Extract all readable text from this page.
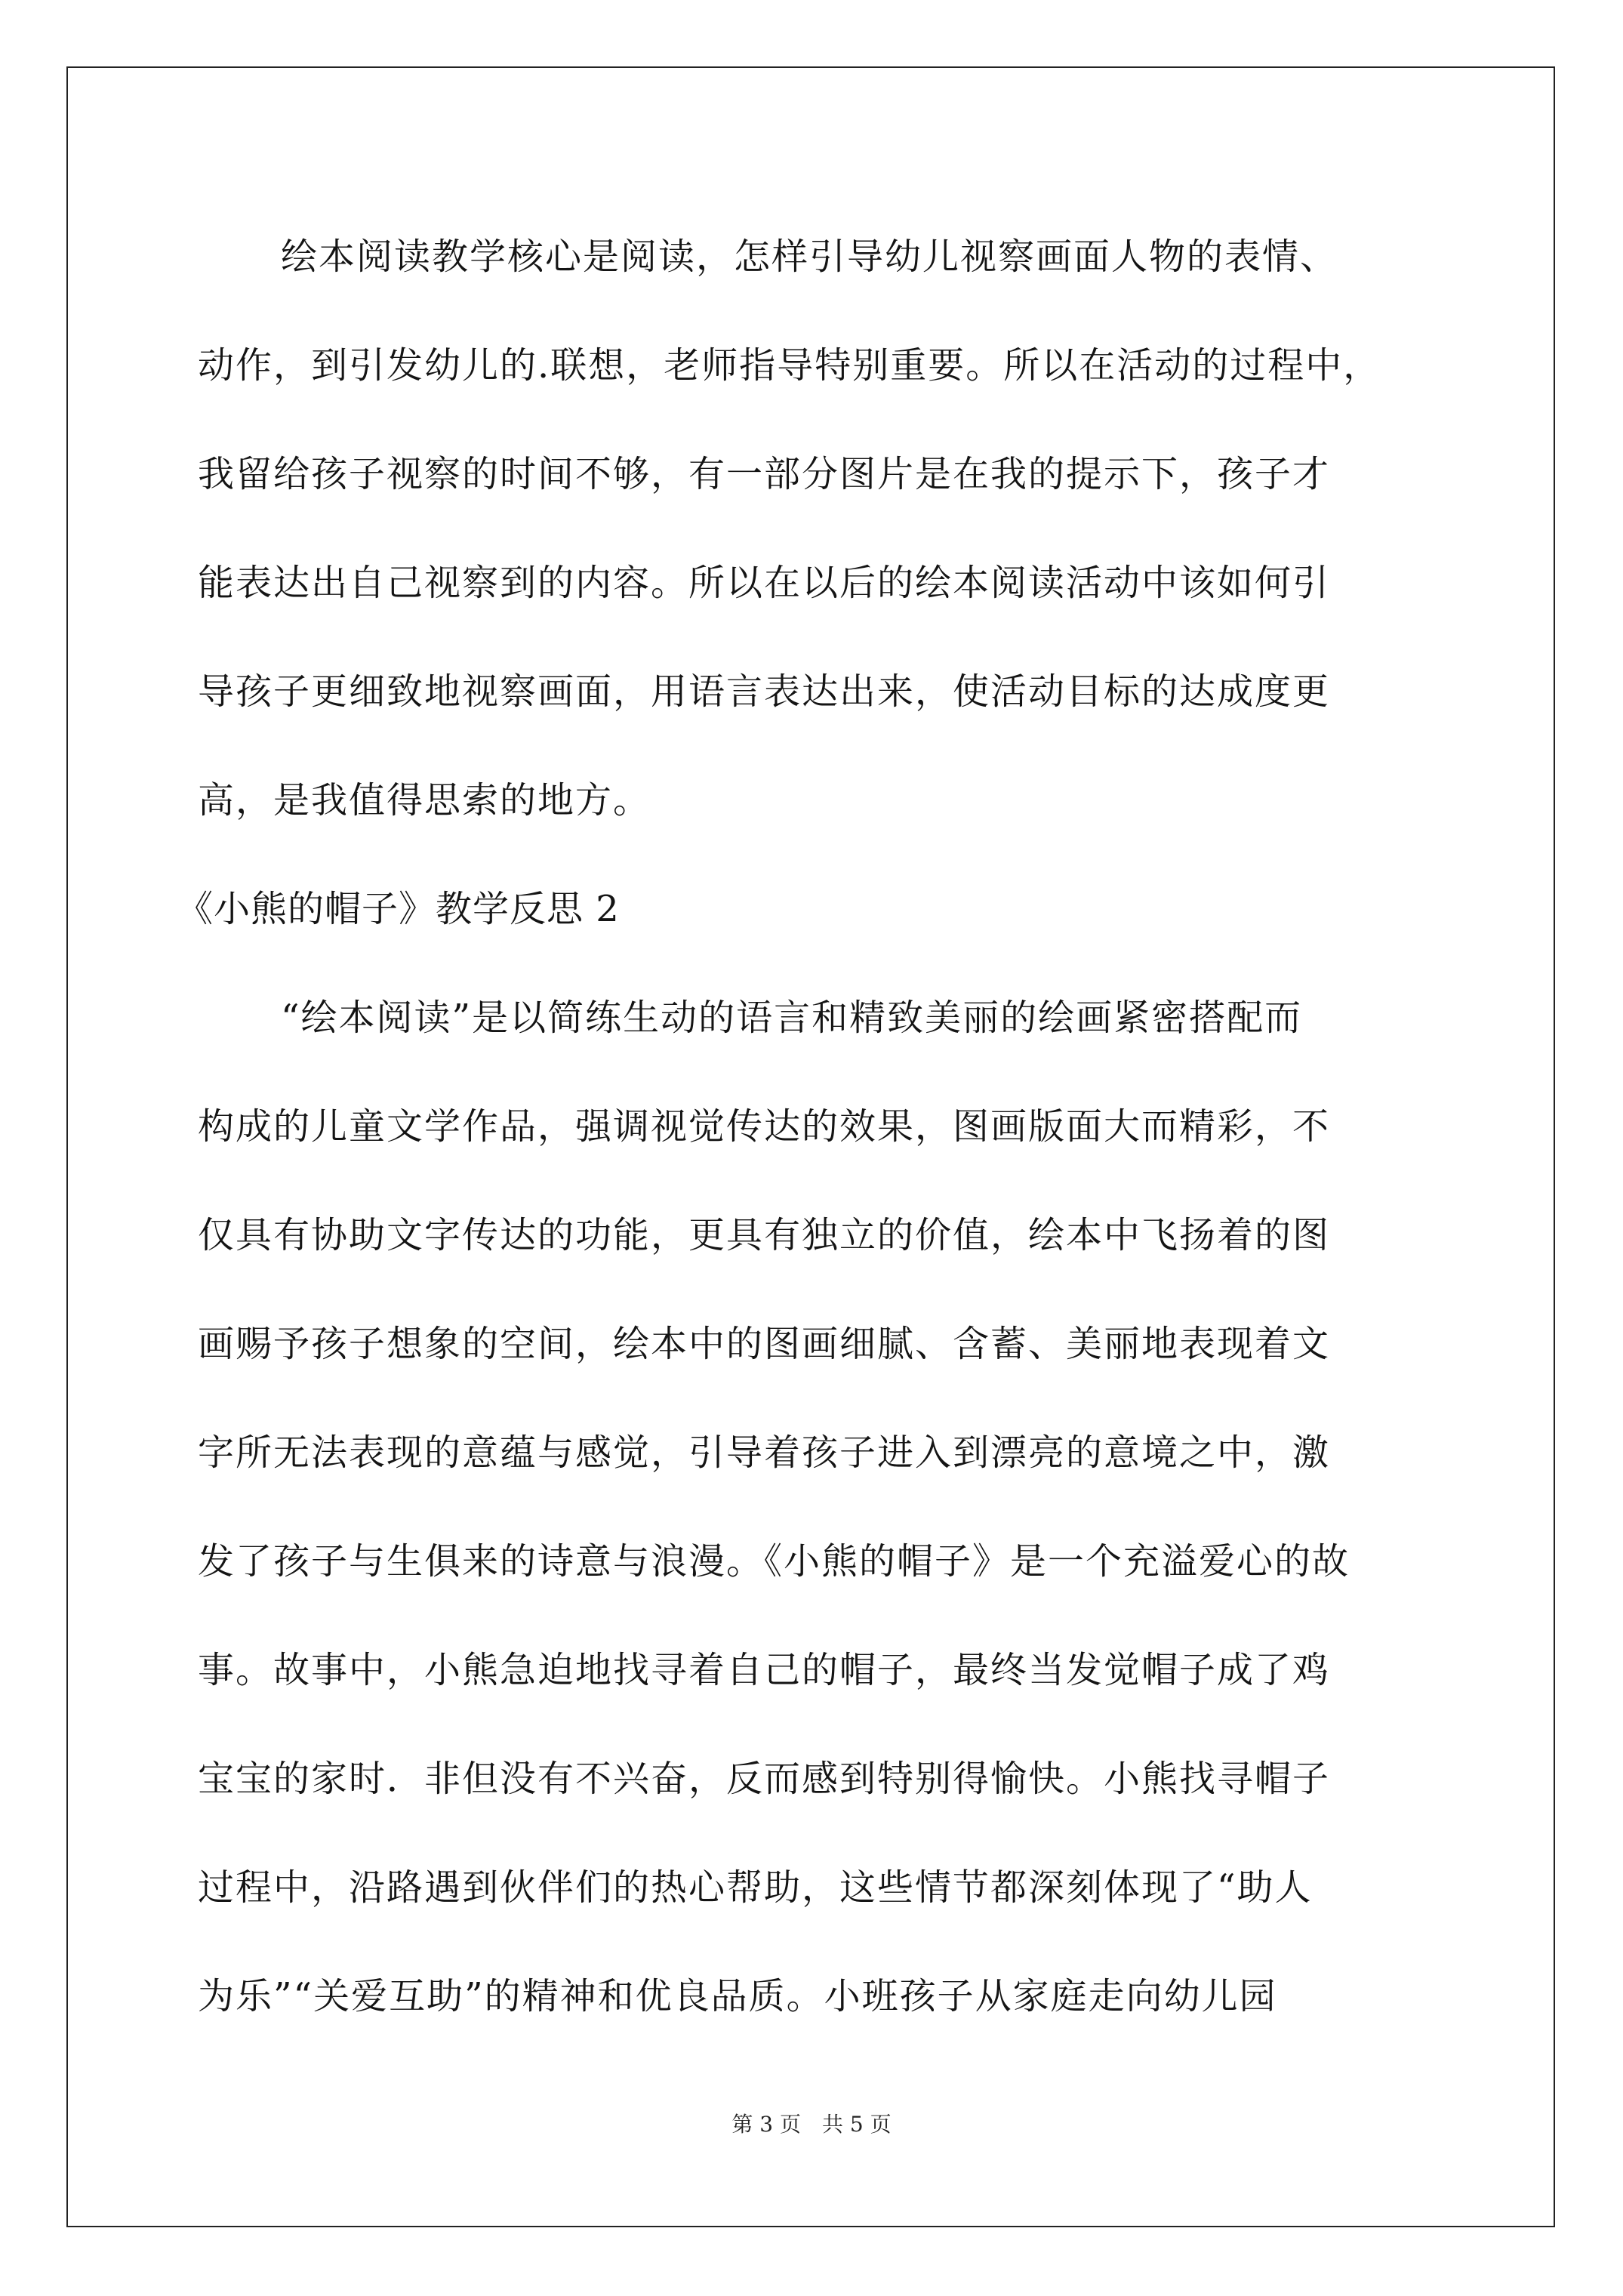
绘本阅读教学核心是阅读，怎样引导幼儿视察画面人物的表情、
动作，到引发幼儿的.联想，老师指导特别重要。所以在活动的过程中，
我留给孩子视察的时间不够，有一部分图片是在我的提示下，孩子才
能表达出自己视察到的内容。所以在以后的绘本阅读活动中该如何引
导孩子更细致地视察画面，用语言表达出来，使活动目标的达成度更
高，是我值得思索的地方。
《小熊的帽子》教学反思 2
“绘本阅读”是以简练生动的语言和精致美丽的绘画紧密搭配而
构成的儿童文学作品，强调视觉传达的效果，图画版面大而精彩，不
仅具有协助文字传达的功能，更具有独立的价值，绘本中飞扬着的图
画赐予孩子想象的空间，绘本中的图画细腻、含蓄、美丽地表现着文
字所无法表现的意蕴与感觉，引导着孩子进入到漂亮的意境之中，激
发了孩子与生俱来的诗意与浪漫。《小熊的帽子》是一个充溢爱心的故
事。故事中，小熊急迫地找寻着自己的帽子，最终当发觉帽子成了鸡
宝宝的家时．非但没有不兴奋，反而感到特别得愉快。小熊找寻帽子
过程中，沿路遇到伙伴们的热心帮助，这些情节都深刻体现了“助人
为乐”“关爱互助”的精神和优良品质。小班孩子从家庭走向幼儿园
第 3 页　共 5 页
